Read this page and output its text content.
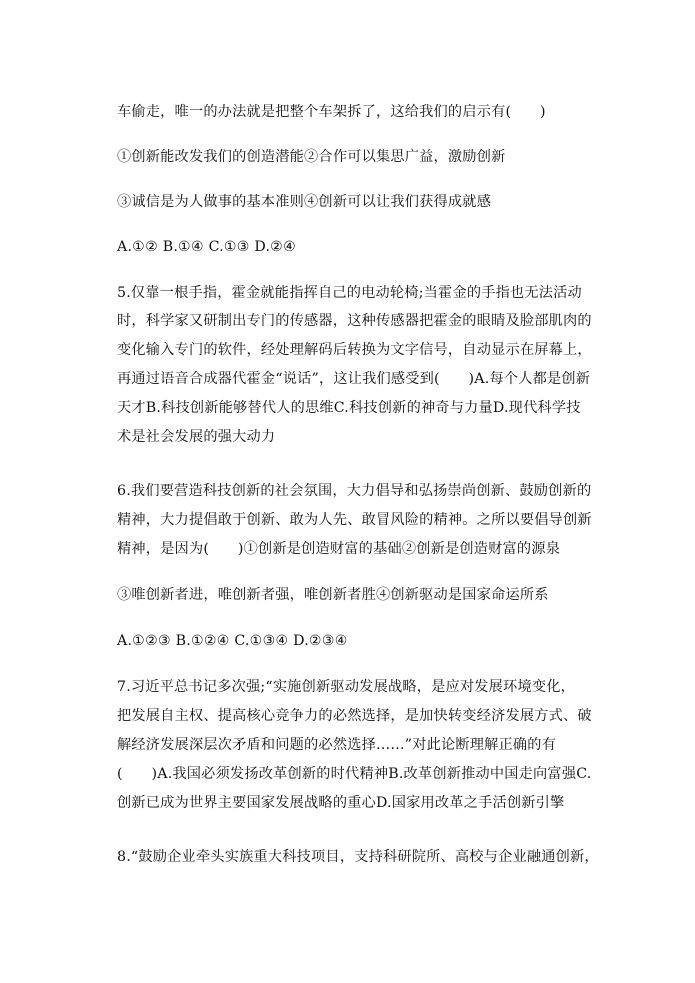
车偷走，唯一的办法就是把整个车架拆了，这给我们的启示有(　　)
①创新能改发我们的创造潜能②合作可以集思广益，激励创新
③诚信是为人做事的基本准则④创新可以让我们获得成就感
A.①② B.①④ C.①③ D.②④
5.仅靠一根手指，霍金就能指挥自己的电动轮椅;当霍金的手指也无法活动
时，科学家又研制出专门的传感器，这种传感器把霍金的眼睛及脸部肌肉的
变化输入专门的软件，经处理解码后转换为文字信号，自动显示在屏幕上，
再通过语音合成器代霍金“说话”，这让我们感受到(　　)A.每个人都是创新
天才B.科技创新能够替代人的思维C.科技创新的神奇与力量D.现代科学技
术是社会发展的强大动力
6.我们要营造科技创新的社会氛围，大力倡导和弘扬崇尚创新、鼓励创新的
精神，大力提倡敢于创新、敢为人先、敢冒风险的精神。之所以要倡导创新
精神，是因为(　　)①创新是创造财富的基础②创新是创造财富的源泉
③唯创新者进，唯创新者强，唯创新者胜④创新驱动是国家命运所系
A.①②③ B.①②④ C.①③④ D.②③④
7.习近平总书记多次强;“实施创新驱动发展战略，是应对发展环境变化，
把发展自主权、提高核心竞争力的必然选择，是加快转变经济发展方式、破
解经济发展深层次矛盾和问题的必然选择……”对此论断理解正确的有
(　　)A.我国必须发扬改革创新的时代精神B.改革创新推动中国走向富强C.
创新已成为世界主要国家发展战略的重心D.国家用改革之手活创新引擎
8.“鼓励企业牵头实族重大科技项目，支持科研院所、高校与企业融通创新，
